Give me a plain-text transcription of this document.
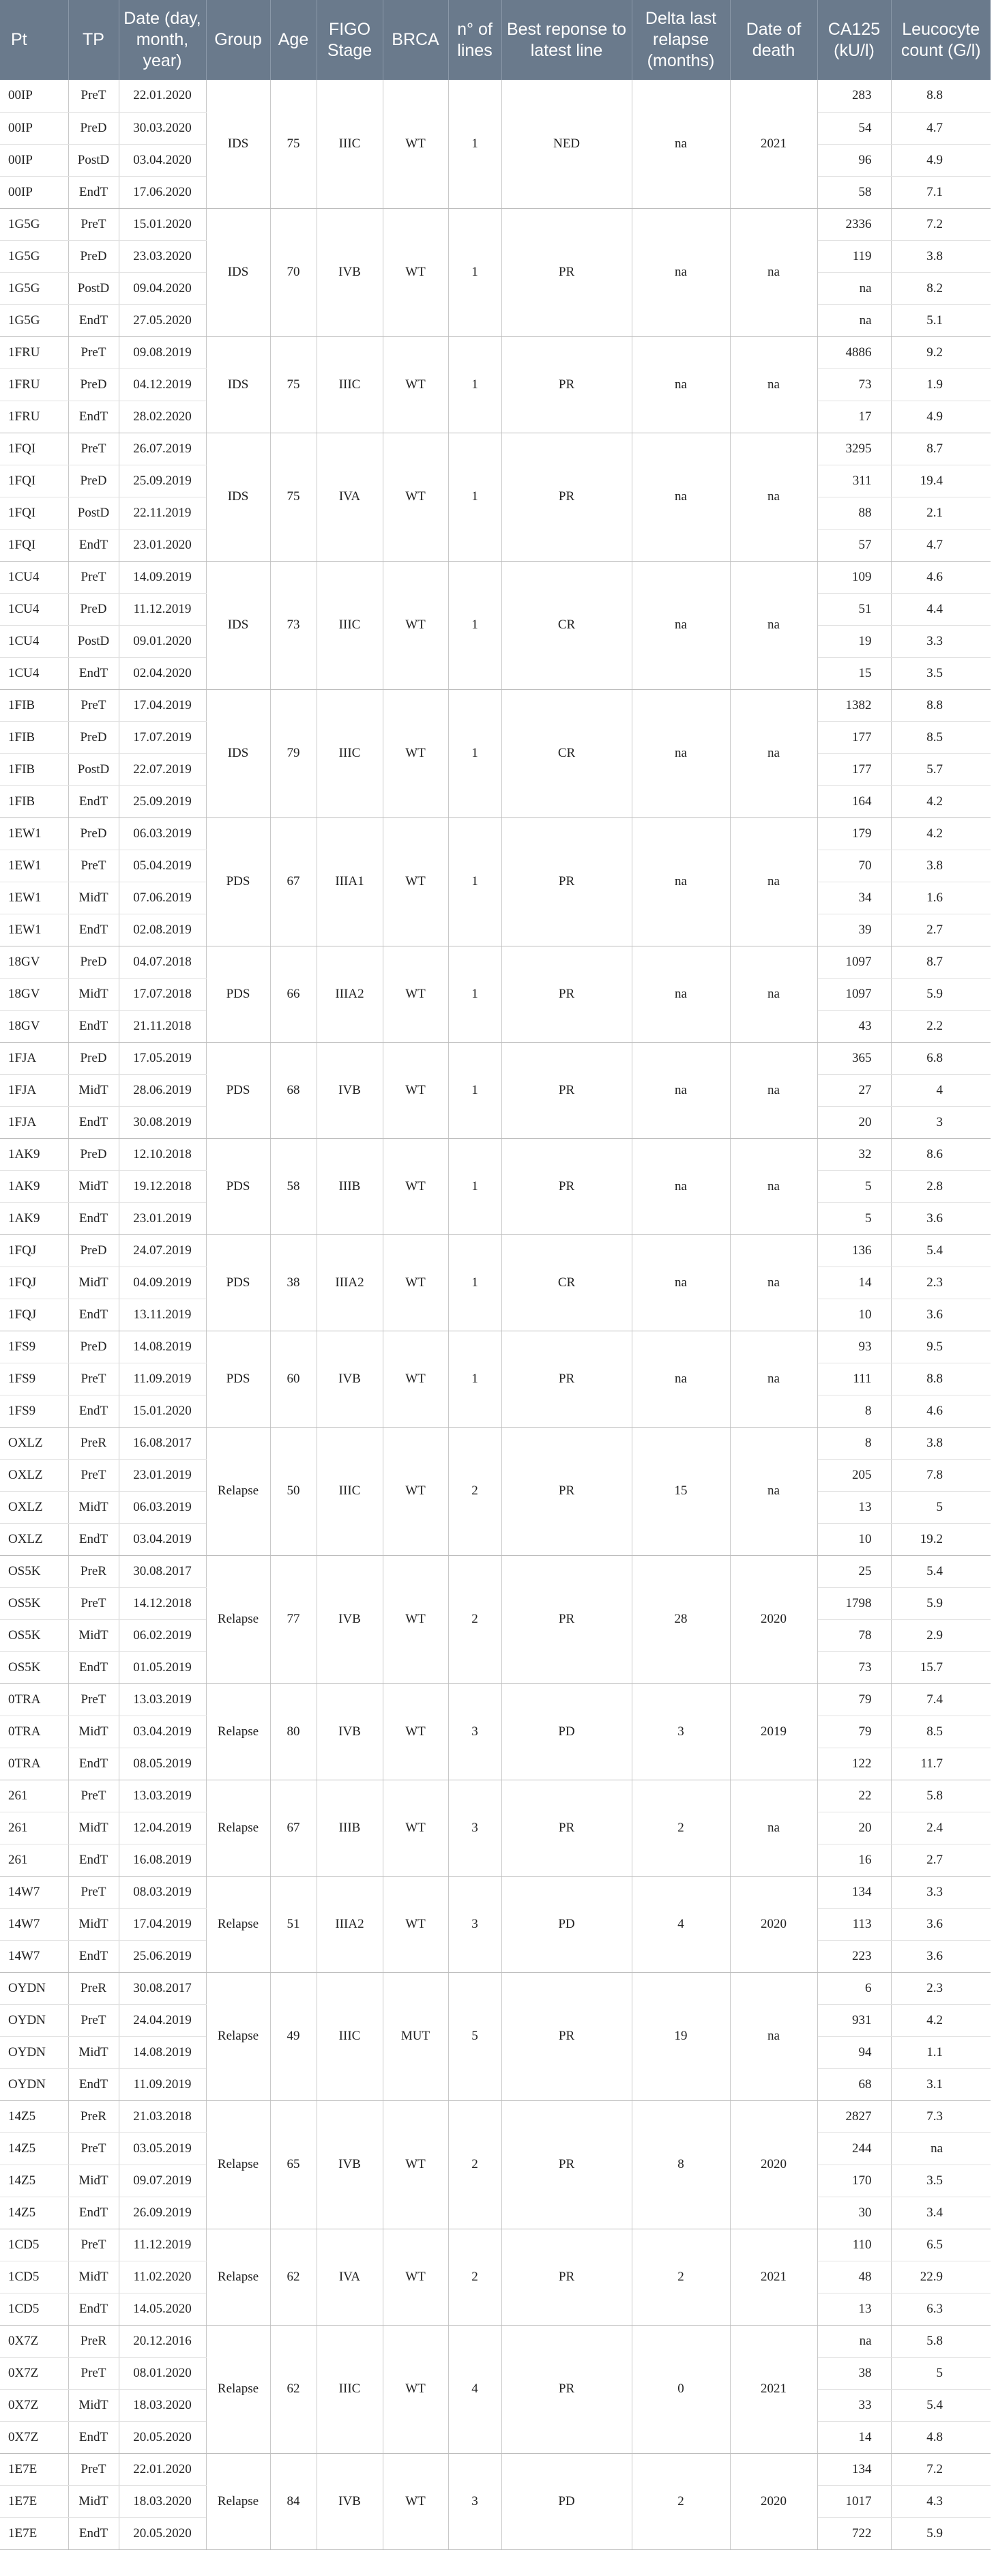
Pt	TP	Date (day, month, year)	Group	Age	FIGO Stage	BRCA	n° of lines	Best reponse to latest line	Delta last relapse (months)	Date of death	CA125 (kU/l)	Leucocyte count (G/l)
00IP	PreT	22.01.2020	IDS	75	IIIC	WT	1	NED	na	2021	283	8.8
00IP	PreD	30.03.2020									54	4.7
00IP	PostD	03.04.2020									96	4.9
00IP	EndT	17.06.2020									58	7.1
1G5G	PreT	15.01.2020	IDS	70	IVB	WT	1	PR	na	na	2336	7.2
1G5G	PreD	23.03.2020									119	3.8
1G5G	PostD	09.04.2020									na	8.2
1G5G	EndT	27.05.2020									na	5.1
1FRU	PreT	09.08.2019	IDS	75	IIIC	WT	1	PR	na	na	4886	9.2
1FRU	PreD	04.12.2019									73	1.9
1FRU	EndT	28.02.2020									17	4.9
1FQI	PreT	26.07.2019	IDS	75	IVA	WT	1	PR	na	na	3295	8.7
1FQI	PreD	25.09.2019									311	19.4
1FQI	PostD	22.11.2019									88	2.1
1FQI	EndT	23.01.2020									57	4.7
1CU4	PreT	14.09.2019	IDS	73	IIIC	WT	1	CR	na	na	109	4.6
1CU4	PreD	11.12.2019									51	4.4
1CU4	PostD	09.01.2020									19	3.3
1CU4	EndT	02.04.2020									15	3.5
1FIB	PreT	17.04.2019	IDS	79	IIIC	WT	1	CR	na	na	1382	8.8
1FIB	PreD	17.07.2019									177	8.5
1FIB	PostD	22.07.2019									177	5.7
1FIB	EndT	25.09.2019									164	4.2
1EW1	PreD	06.03.2019	PDS	67	IIIA1	WT	1	PR	na	na	179	4.2
1EW1	PreT	05.04.2019									70	3.8
1EW1	MidT	07.06.2019									34	1.6
1EW1	EndT	02.08.2019									39	2.7
18GV	PreD	04.07.2018	PDS	66	IIIA2	WT	1	PR	na	na	1097	8.7
18GV	MidT	17.07.2018									1097	5.9
18GV	EndT	21.11.2018									43	2.2
1FJA	PreD	17.05.2019	PDS	68	IVB	WT	1	PR	na	na	365	6.8
1FJA	MidT	28.06.2019									27	4
1FJA	EndT	30.08.2019									20	3
1AK9	PreD	12.10.2018	PDS	58	IIIB	WT	1	PR	na	na	32	8.6
1AK9	MidT	19.12.2018									5	2.8
1AK9	EndT	23.01.2019									5	3.6
1FQJ	PreD	24.07.2019	PDS	38	IIIA2	WT	1	CR	na	na	136	5.4
1FQJ	MidT	04.09.2019									14	2.3
1FQJ	EndT	13.11.2019									10	3.6
1FS9	PreD	14.08.2019	PDS	60	IVB	WT	1	PR	na	na	93	9.5
1FS9	PreT	11.09.2019									111	8.8
1FS9	EndT	15.01.2020									8	4.6
OXLZ	PreR	16.08.2017	Relapse	50	IIIC	WT	2	PR	15	na	8	3.8
OXLZ	PreT	23.01.2019									205	7.8
OXLZ	MidT	06.03.2019									13	5
OXLZ	EndT	03.04.2019									10	19.2
OS5K	PreR	30.08.2017	Relapse	77	IVB	WT	2	PR	28	2020	25	5.4
OS5K	PreT	14.12.2018									1798	5.9
OS5K	MidT	06.02.2019									78	2.9
OS5K	EndT	01.05.2019									73	15.7
0TRA	PreT	13.03.2019	Relapse	80	IVB	WT	3	PD	3	2019	79	7.4
0TRA	MidT	03.04.2019									79	8.5
0TRA	EndT	08.05.2019									122	11.7
261	PreT	13.03.2019	Relapse	67	IIIB	WT	3	PR	2	na	22	5.8
261	MidT	12.04.2019									20	2.4
261	EndT	16.08.2019									16	2.7
14W7	PreT	08.03.2019	Relapse	51	IIIA2	WT	3	PD	4	2020	134	3.3
14W7	MidT	17.04.2019									113	3.6
14W7	EndT	25.06.2019									223	3.6
OYDN	PreR	30.08.2017	Relapse	49	IIIC	MUT	5	PR	19	na	6	2.3
OYDN	PreT	24.04.2019									931	4.2
OYDN	MidT	14.08.2019									94	1.1
OYDN	EndT	11.09.2019									68	3.1
14Z5	PreR	21.03.2018	Relapse	65	IVB	WT	2	PR	8	2020	2827	7.3
14Z5	PreT	03.05.2019									244	na
14Z5	MidT	09.07.2019									170	3.5
14Z5	EndT	26.09.2019									30	3.4
1CD5	PreT	11.12.2019	Relapse	62	IVA	WT	2	PR	2	2021	110	6.5
1CD5	MidT	11.02.2020									48	22.9
1CD5	EndT	14.05.2020									13	6.3
0X7Z	PreR	20.12.2016	Relapse	62	IIIC	WT	4	PR	0	2021	na	5.8
0X7Z	PreT	08.01.2020									38	5
0X7Z	MidT	18.03.2020									33	5.4
0X7Z	EndT	20.05.2020									14	4.8
1E7E	PreT	22.01.2020	Relapse	84	IVB	WT	3	PD	2	2020	134	7.2
1E7E	MidT	18.03.2020									1017	4.3
1E7E	EndT	20.05.2020									722	5.9
